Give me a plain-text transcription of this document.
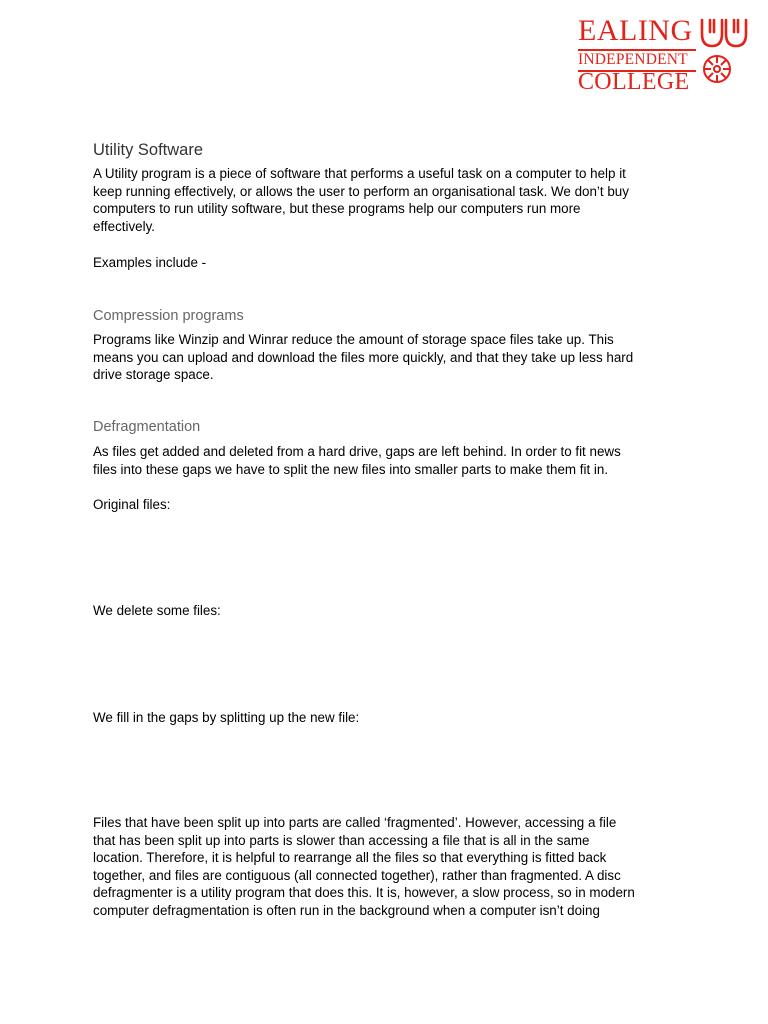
EALING
INDEPENDENT
COLLEGE
Utility Software
A Utility program is a piece of software that performs a useful task on a computer to help it
keep running effectively, or allows the user to perform an organisational task. We don’t buy
computers to run utility software, but these programs help our computers run more
effectively.
Examples include -
Compression programs
Programs like Winzip and Winrar reduce the amount of storage space files take up. This
means you can upload and download the files more quickly, and that they take up less hard
drive storage space.
Defragmentation
As files get added and deleted from a hard drive, gaps are left behind. In order to fit news
files into these gaps we have to split the new files into smaller parts to make them fit in.
Original files:
We delete some files:
We fill in the gaps by splitting up the new file:
Files that have been split up into parts are called ‘fragmented’. However, accessing a file
that has been split up into parts is slower than accessing a file that is all in the same
location. Therefore, it is helpful to rearrange all the files so that everything is fitted back
together, and files are contiguous (all connected together), rather than fragmented. A disc
defragmenter is a utility program that does this. It is, however, a slow process, so in modern
computer defragmentation is often run in the background when a computer isn’t doing
